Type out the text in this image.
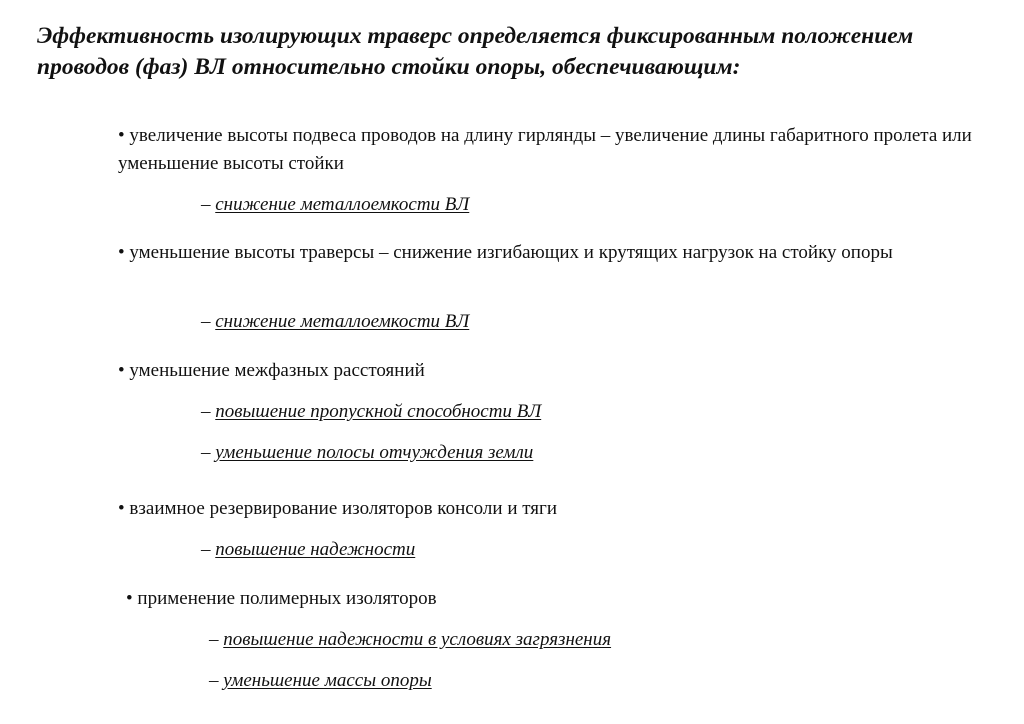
Эффективность изолирующих траверс определяется фиксированным положением проводов (фаз) ВЛ относительно стойки опоры, обеспечивающим:

• увеличение высоты подвеса проводов на длину гирлянды – увеличение длины габаритного пролета или уменьшение высоты стойки

– снижение металлоемкости ВЛ

• уменьшение высоты траверсы – снижение изгибающих и крутящих нагрузок на стойку опоры

– снижение металлоемкости ВЛ

• уменьшение межфазных расстояний

– повышение пропускной способности ВЛ

– уменьшение полосы отчуждения земли

• взаимное резервирование изоляторов консоли и тяги

– повышение надежности

• применение полимерных изоляторов

– повышение надежности в условиях загрязнения

– уменьшение массы опоры
